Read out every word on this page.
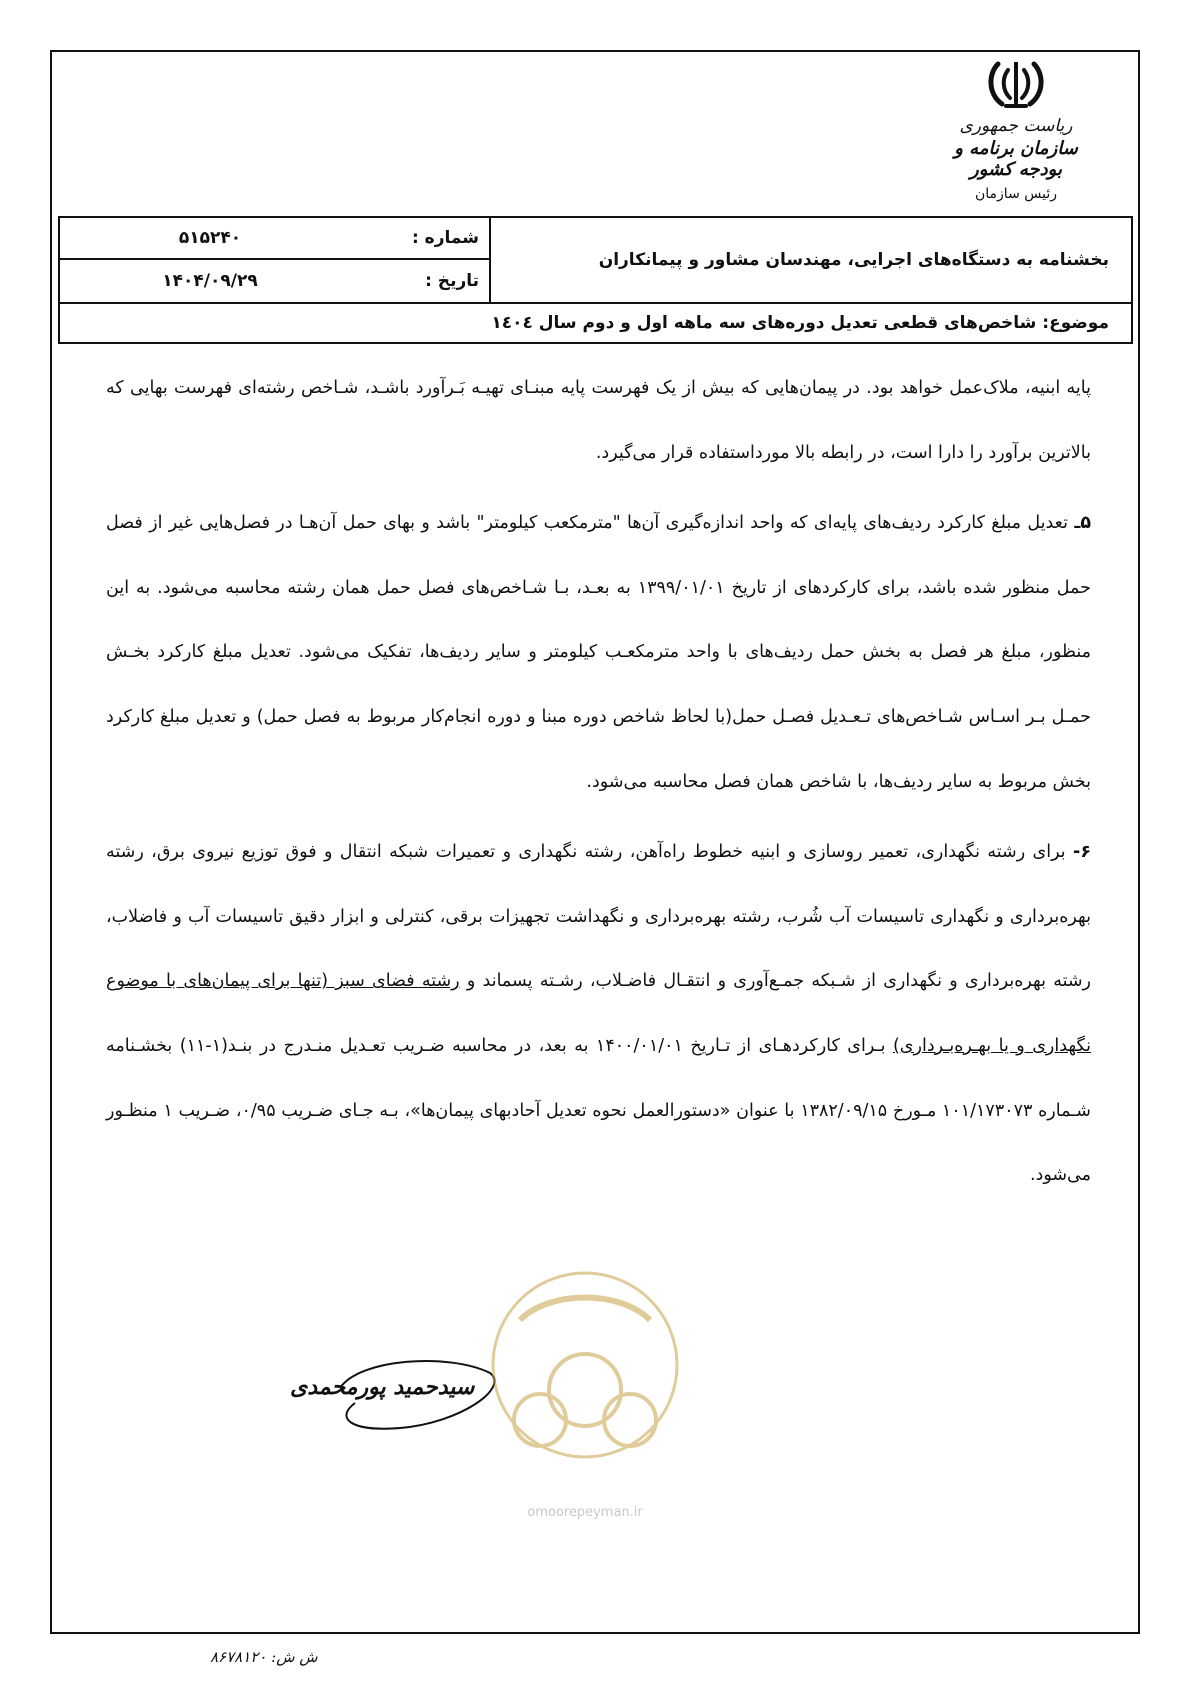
ریاست جمهوری
سازمان برنامه و بودجه کشور
رئیس سازمان
بخشنامه به دستگاه‌های اجرایی، مهندسان مشاور و پیمانکاران
شماره :
۵۱۵۲۴۰
تاریخ :
۱۴۰۴/۰۹/۲۹
موضوع: شاخص‌های قطعی تعدیل دوره‌های سه ماهه اول و دوم سال ١٤٠٤

پایه ابنیه، ملاک‌عمل خواهد بود. در پیمان‌هایی که بیش از یک فهرست پایه مبنـای تهیـه بَـرآورد باشـد، شـاخص رشته‌ای فهرست بهایی که بالاترین برآورد را دارا است، در رابطه بالا مورداستفاده قرار می‌گیرد.

۵ـ تعدیل مبلغ کارکرد ردیف‌های پایه‌ای که واحد اندازه‌گیری آن‌ها "مترمکعب کیلومتر" باشد و بهای حمل آن‌هـا در فصل‌هایی غیر از فصل حمل منظور شده باشد، برای کارکردهای از تاریخ ۱۳۹۹/۰۱/۰۱ به بعـد، بـا شـاخص‌های فصل حمل همان رشته محاسبه می‌شود. به این منظور، مبلغ هر فصل به بخش حمل ردیف‌های با واحد مترمکعـب کیلومتر و سایر ردیف‌ها، تفکیک می‌شود. تعدیل مبلغ کارکرد بخـش حمـل بـر اسـاس شـاخص‌های تـعـدیل فصـل حمل(با لحاظ شاخص دوره مبنا و دوره انجام‌کار مربوط به فصل حمل) و تعدیل مبلغ کارکرد بخش مربوط به سایر ردیف‌ها، با شاخص همان فصل محاسبه می‌شود.

۶- برای رشته نگهداری، تعمیر روسازی و ابنیه خطوط راه‌آهن، رشته نگهداری و تعمیرات شبکه انتقال و فوق توزیع نیروی برق، رشته بهره‌برداری و نگهداری تاسیسات آب شُرب، رشته بهره‌برداری و نگهداشت تجهیزات برقی، کنترلی و ابزار دقیق تاسیسات آب و فاضلاب، رشته بهره‌برداری و نگهداری از شـبکه جمـع‌آوری و انتقـال فاضـلاب، رشـته پسماند و رشته فضای سبز (تنها برای پیمان‌های با موضوع نگهداری و یا بهـره‌بـرداری) بـرای کارکردهـای از تـاریخ ۱۴۰۰/۰۱/۰۱ به بعد، در محاسبه ضـریب تعـدیل منـدرج در بنـد(۱-۱۱) بخشـنامه شـماره ۱۰۱/۱۷۳۰۷۳ مـورخ ۱۳۸۲/۰۹/۱۵ با عنوان «دستورالعمل نحوه تعدیل آحادبهای پیمان‌ها»، بـه جـای ضـریب ۰/۹۵، ضـریب ۱ منظـور می‌شود.

سیدحمید پورمحمدی
omoorepeyman.ir
ش ش: ۸۶۷۸۱۲۰
